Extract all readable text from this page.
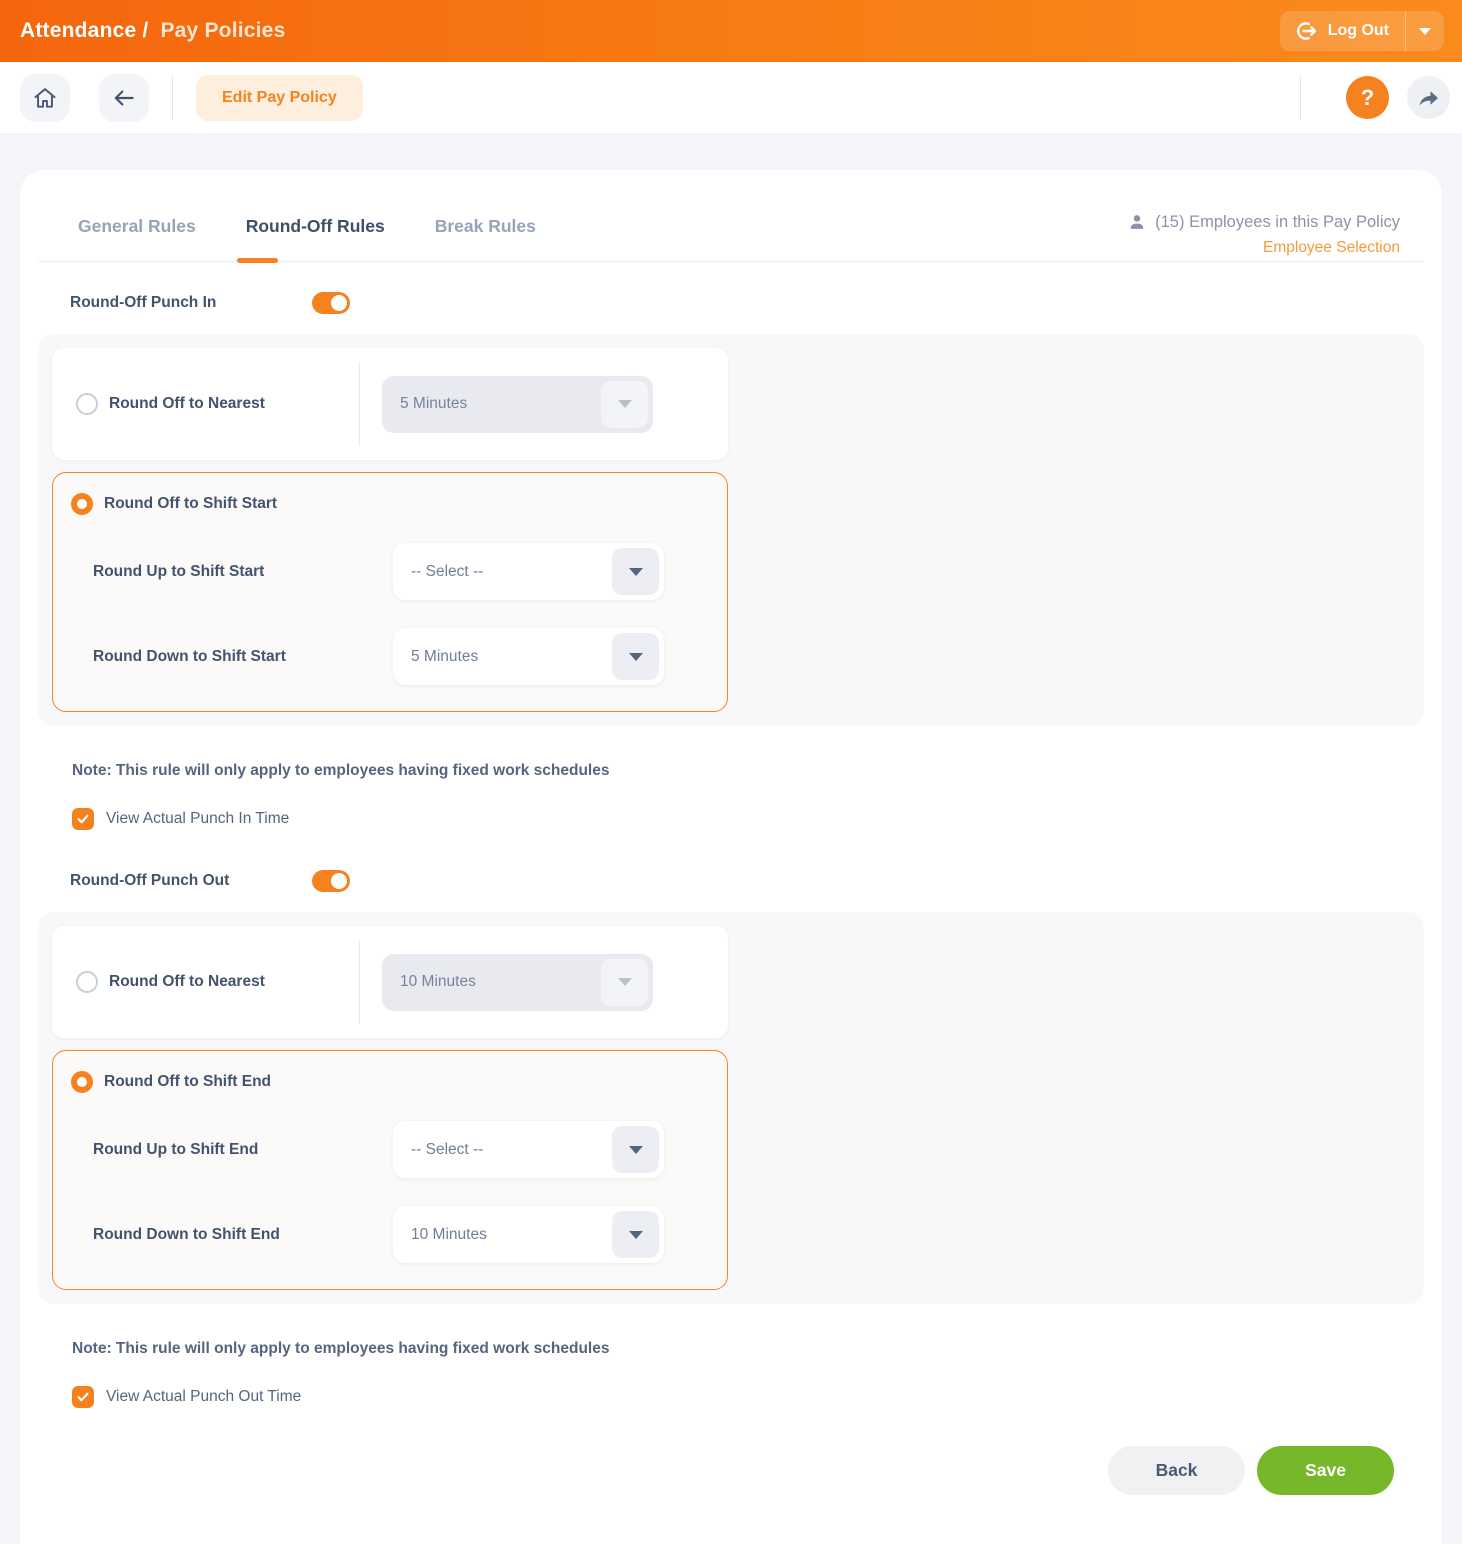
Attendance / Pay Policies	Log Out
Edit Pay Policy	?
General Rules	Round-Off Rules	Break Rules	(15) Employees in this Pay Policy
Employee Selection
Round-Off Punch In
Round Off to Nearest	5 Minutes
Round Off to Shift Start
Round Up to Shift Start	-- Select --
Round Down to Shift Start	5 Minutes

Note: This rule will only apply to employees having fixed work schedules

View Actual Punch In Time
Round-Off Punch Out
Round Off to Nearest	10 Minutes
Round Off to Shift End
Round Up to Shift End	-- Select --
Round Down to Shift End	10 Minutes

Note: This rule will only apply to employees having fixed work schedules

View Actual Punch Out Time
Back	Save
